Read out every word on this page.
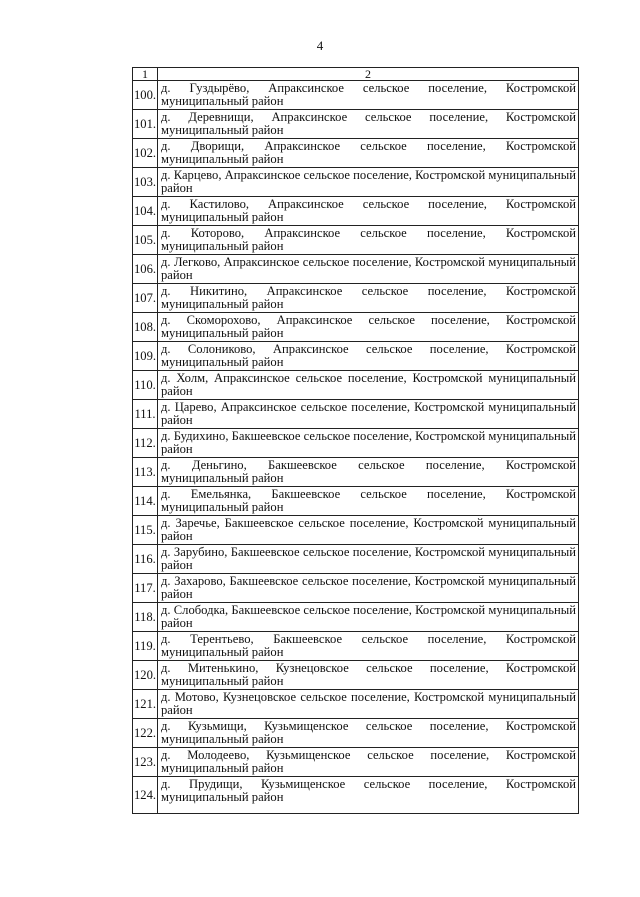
4
1	2
100.	д. Гуздырёво, Апраксинское сельское поселение, Костромской муниципальный район

101.	д. Деревнищи, Апраксинское сельское поселение, Костромской муниципальный район

102.	д. Дворищи, Апраксинское сельское поселение, Костромской муниципальный район

103.	д. Карцево, Апраксинское сельское поселение, Костромской муниципальный район

104.	д. Кастилово, Апраксинское сельское поселение, Костромской муниципальный район

105.	д. Которово, Апраксинское сельское поселение, Костромской муниципальный район

106.	д. Легково, Апраксинское сельское поселение, Костромской муниципальный район

107.	д. Никитино, Апраксинское сельское поселение, Костромской муниципальный район

108.	д. Скоморохово, Апраксинское сельское поселение, Костромской муниципальный район

109.	д. Солониково, Апраксинское сельское поселение, Костромской муниципальный район

110.	д. Холм, Апраксинское сельское поселение, Костромской муниципальный район

111.	д. Царево, Апраксинское сельское поселение, Костромской муниципальный район

112.	д. Будихино, Бакшеевское сельское поселение, Костромской муниципальный район

113.	д. Деньгино, Бакшеевское сельское поселение, Костромской муниципальный район

114.	д. Емельянка, Бакшеевское сельское поселение, Костромской муниципальный район

115.	д. Заречье, Бакшеевское сельское поселение, Костромской муниципальный район

116.	д. Зарубино, Бакшеевское сельское поселение, Костромской муниципальный район

117.	д. Захарово, Бакшеевское сельское поселение, Костромской муниципальный район

118.	д. Слободка, Бакшеевское сельское поселение, Костромской муниципальный район

119.	д. Терентьево, Бакшеевское сельское поселение, Костромской муниципальный район

120.	д. Митенькино, Кузнецовское сельское поселение, Костромской муниципальный район

121.	д. Мотово, Кузнецовское сельское поселение, Костромской муниципальный район

122.	д. Кузьмищи, Кузьмищенское сельское поселение, Костромской муниципальный район

123.	д. Молодеево, Кузьмищенское сельское поселение, Костромской муниципальный район

124.	д. Прудищи, Кузьмищенское сельское поселение, Костромской муниципальный район
